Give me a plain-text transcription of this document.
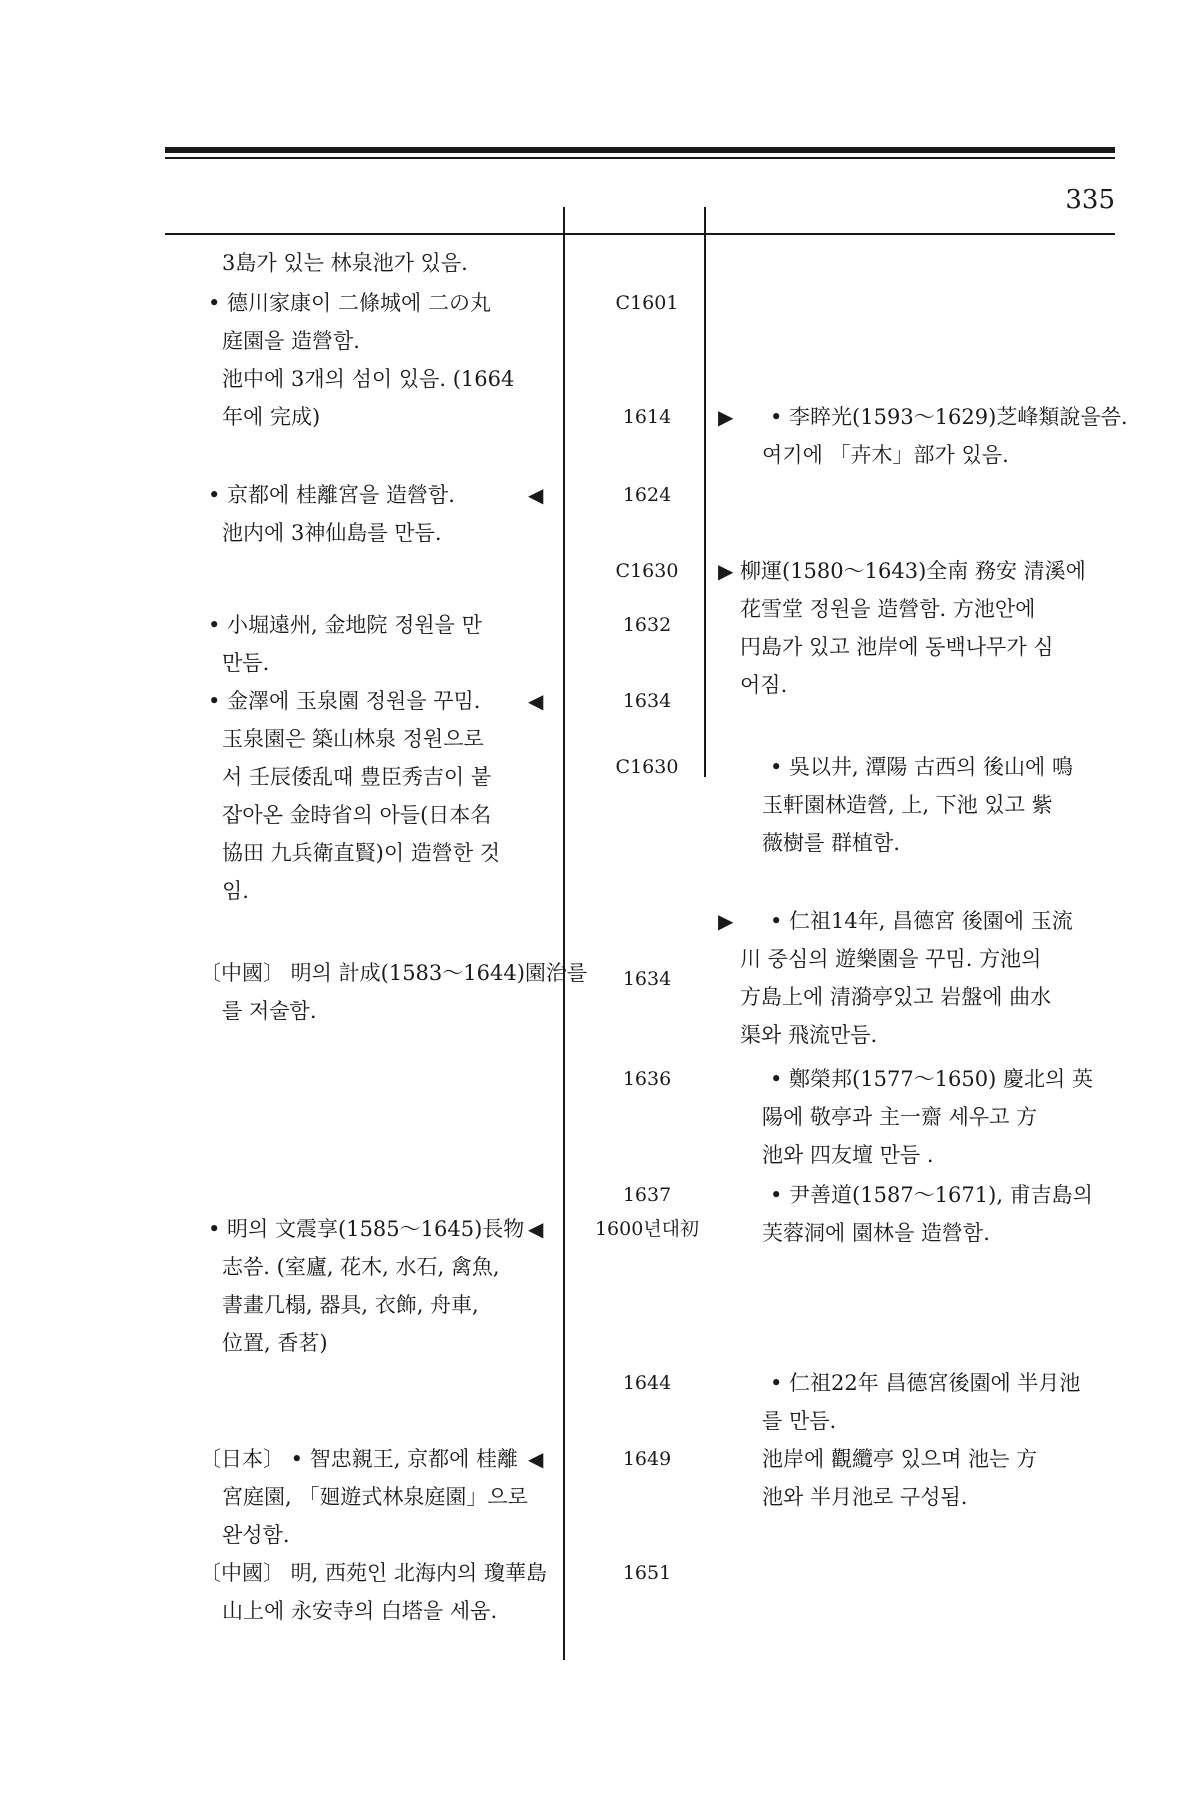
335
3島가 있는 林泉池가 있음.
• 德川家康이 二條城에 二の丸
庭園을 造營함.
池中에 3개의 섬이 있음. (1664
年에 完成)
• 京都에 桂離宮을 造營함.
池内에 3神仙島를 만듬.
• 小堀遠州, 金地院 정원을 만
만듬.
• 金澤에 玉泉園 정원을 꾸밈.
玉泉園은 築山林泉 정원으로
서 壬辰倭乱때 豊臣秀吉이 붙
잡아온 金時省의 아들(日本名
協田 九兵衛直賢)이 造營한 것
임.
〔中國〕 明의 計成(1583～1644)園治를
를 저술함.
• 明의 文震享(1585～1645)長物
志씀. (室廬, 花木, 水石, 禽魚,
書畫几榻, 器具, 衣飾, 舟車,
位置, 香茗)
〔日本〕 • 智忠親王, 京都에 桂離
宮庭園, 「廻遊式林泉庭園」으로
완성함.
〔中國〕 明, 西苑인 北海内의 瓊華島
山上에 永安寺의 白塔을 세움.
◀
◀
◀
◀
C1601
1614
1624
C1630
1632
1634
C1630
1634
1636
1637
1600년대初
1644
1649
1651
• 李睟光(1593～1629)芝峰類說을씀.
여기에 「卉木」部가 있음.
柳運(1580～1643)全南 務安 清溪에
花雪堂 정원을 造營함. 方池안에
円島가 있고 池岸에 동백나무가 심
어짐.
• 吳以井, 潭陽 古西의 後山에 鳴
玉軒園林造營, 上, 下池 있고 紫
薇樹를 群植함.
• 仁祖14年, 昌德宮 後園에 玉流
川 중심의 遊樂園을 꾸밈. 方池의
方島上에 清漪亭있고 岩盤에 曲水
渠와 飛流만듬.
• 鄭榮邦(1577～1650) 慶北의 英
陽에 敬亭과 主一齋 세우고 方
池와 四友壇 만듬 .
• 尹善道(1587～1671), 甫吉島의
芙蓉洞에 園林을 造營함.
• 仁祖22年 昌德宮後園에 半月池
를 만듬.
池岸에 觀纜亭 있으며 池는 方
池와 半月池로 구성됨.
▶
▶
▶
